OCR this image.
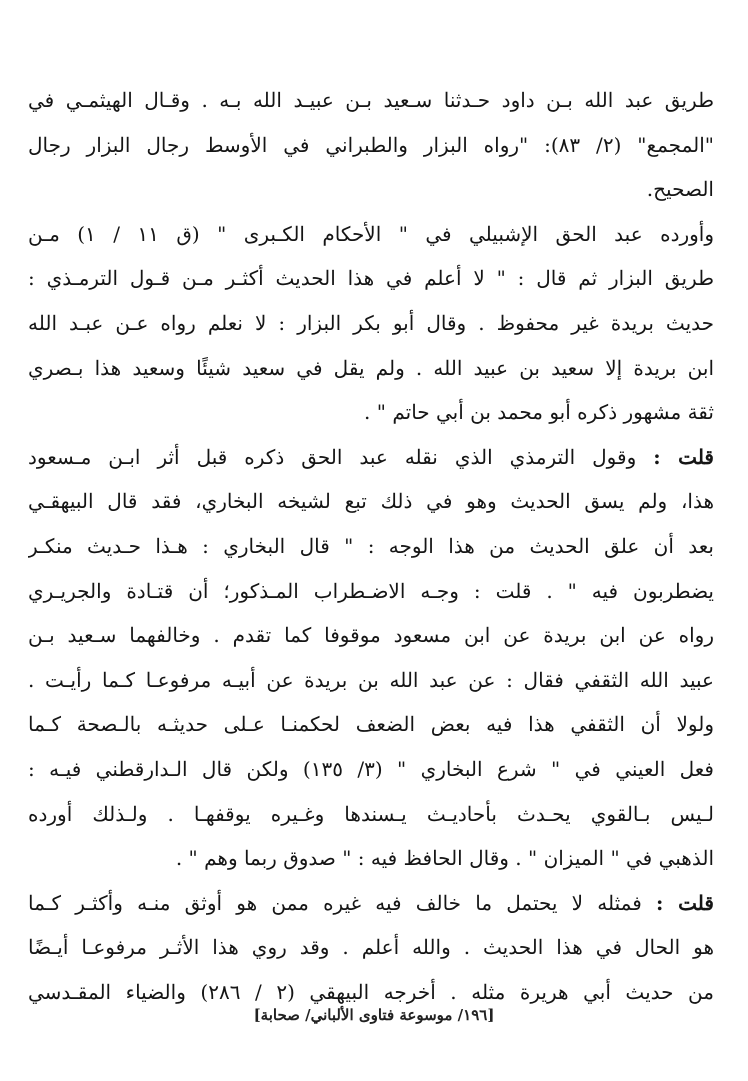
طريق عبد الله بـن داود حـدثنا سـعيد بـن عبيـد الله بـه . وقـال الهيثمـي في
"المجمع" (٢/ ٨٣): "رواه البزار والطبراني في الأوسط رجال البزار رجال
الصحيح.
وأورده عبد الحق الإشبيلي في " الأحكام الكـبرى " (ق ١١ / ١) مـن
طريق البزار ثم قال : " لا أعلم في هذا الحديث أكثـر مـن قـول الترمـذي :
حديث بريدة غير محفوظ . وقال أبو بكر البزار : لا نعلم رواه عـن عبـد الله
ابن بريدة إلا سعيد بن عبيد الله . ولم يقل في سعيد شيئًا وسعيد هذا بـصري
ثقة مشهور ذكره أبو محمد بن أبي حاتم " .
قلت : وقول الترمذي الذي نقله عبد الحق ذكره قبل أثر ابـن مـسعود
هذا، ولم يسق الحديث وهو في ذلك تبع لشيخه البخاري، فقد قال البيهقـي
بعد أن علق الحديث من هذا الوجه : " قال البخاري : هـذا حـديث منكـر
يضطربون فيه " . قلت : وجـه الاضـطراب المـذكور؛ أن قتـادة والجريـري
رواه عن ابن بريدة عن ابن مسعود موقوفا كما تقدم . وخالفهما سـعيد بـن
عبيد الله الثقفي فقال : عن عبد الله بن بريدة عن أبيـه مرفوعـا كـما رأيـت .
ولولا أن الثقفي هذا فيه بعض الضعف لحكمنـا عـلى حديثـه بالـصحة كـما
فعل العيني في " شرع البخاري " (٣/ ١٣٥) ولكن قال الـدارقطني فيـه :
لـيس بـالقوي يحـدث بأحاديـث يـسندها وغـيره يوقفهـا . ولـذلك أورده
الذهبي في " الميزان " . وقال الحافظ فيه : " صدوق ربما وهم " .
قلت : فمثله لا يحتمل ما خالف فيه غيره ممن هو أوثق منـه وأكثـر كـما
هو الحال في هذا الحديث . والله أعلم . وقد روي هذا الأثـر مرفوعـا أيـضًا
من حديث أبي هريرة مثله . أخرجه البيهقي (٢ / ٢٨٦) والضياء المقـدسي
[١٩٦/ موسوعة فتاوى الألباني/ صحابة]
